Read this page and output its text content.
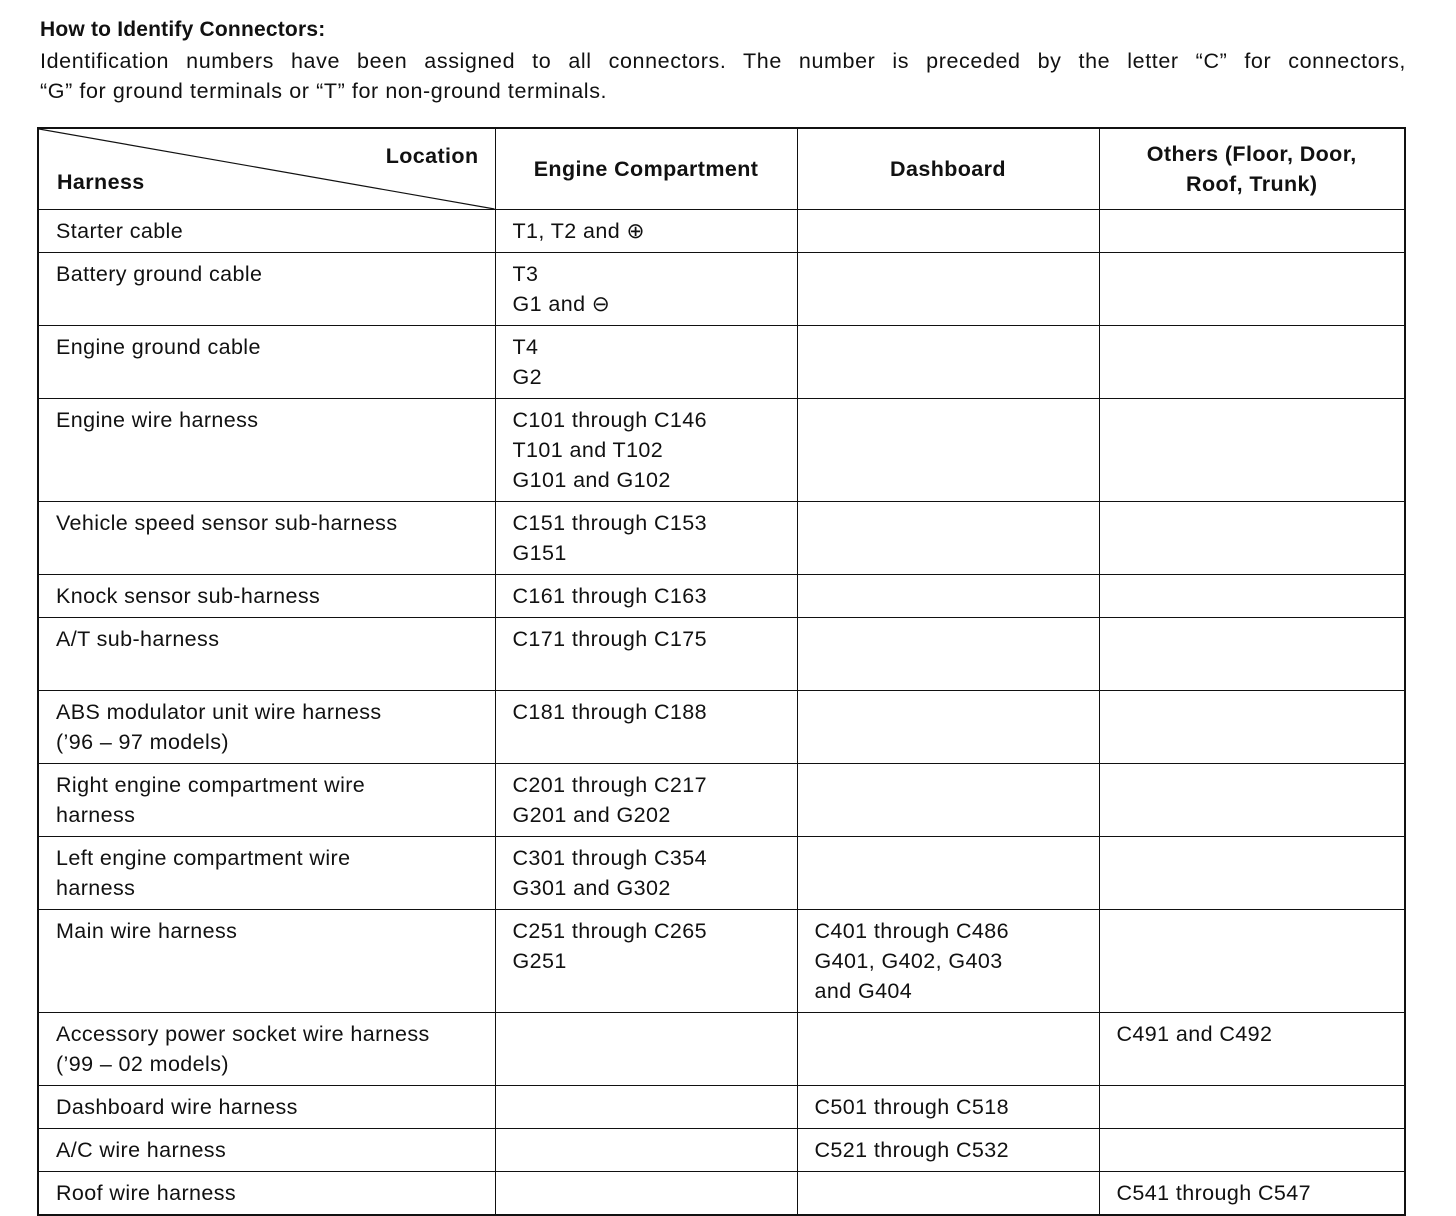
How to Identify Connectors:
Identification numbers have been assigned to all connectors. The number is preceded by the letter “C” for connectors,
“G” for ground terminals or “T” for non-ground terminals.
Location
Harness	Engine Compartment	Dashboard	Others (Floor, Door,
Roof, Trunk)

Starter cable	T1, T2 and ⊕		

Battery ground cable	T3
G1 and ⊖		

Engine ground cable	T4
G2		

Engine wire harness	C101 through C146
T101 and T102
G101 and G102		

Vehicle speed sensor sub-harness	C151 through C153
G151		

Knock sensor sub-harness	C161 through C163		

A/T sub-harness	C171 through C175		

ABS modulator unit wire harness
(’96 – 97 models)	C181 through C188		

Right engine compartment wire
harness	C201 through C217
G201 and G202		

Left engine compartment wire
harness	C301 through C354
G301 and G302		

Main wire harness	C251 through C265
G251	C401 through C486
G401, G402, G403
and G404	

Accessory power socket wire harness
(’99 – 02 models)			C491 and C492

Dashboard wire harness		C501 through C518	

A/C wire harness		C521 through C532	

Roof wire harness			C541 through C547
